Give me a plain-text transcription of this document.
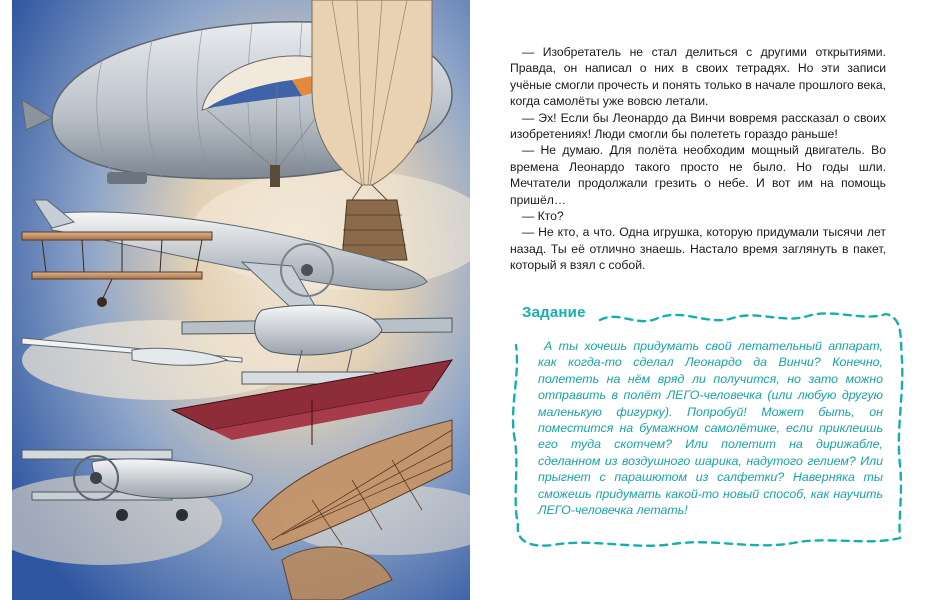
— Изобретатель не стал делиться с другими открытиями. Правда, он написал о них в своих тетрадях. Но эти записи учёные смогли прочесть и понять только в начале прошлого века, когда самолёты уже вовсю летали.

— Эх! Если бы Леонардо да Винчи вовремя рассказал о своих изобретениях! Люди смогли бы полететь гораздо раньше!

— Не думаю. Для полёта необходим мощный двигатель. Во времена Леонардо такого просто не было. Но годы шли. Мечтатели продолжали грезить о небе. И вот им на помощь пришёл…

— Кто?

— Не кто, а что. Одна игрушка, которую придумали тысячи лет назад. Ты её отлично знаешь. Настало время заглянуть в пакет, который я взял с собой.

Задание
А ты хочешь придумать свой летательный аппарат, как когда-то сделал Леонардо да Винчи? Конечно, полететь на нём вряд ли получится, но зато можно отправить в полёт ЛЕГО-человечка (или любую другую маленькую фигурку). Попробуй! Может быть, он поместится на бумажном самолётике, если приклеишь его туда скотчем? Или полетит на дирижабле, сделанном из воздушного шарика, надутого гелием? Или прыгнет с парашютом из салфетки? Наверняка ты сможешь придумать какой-то новый способ, как научить ЛЕГО-человечка летать!
